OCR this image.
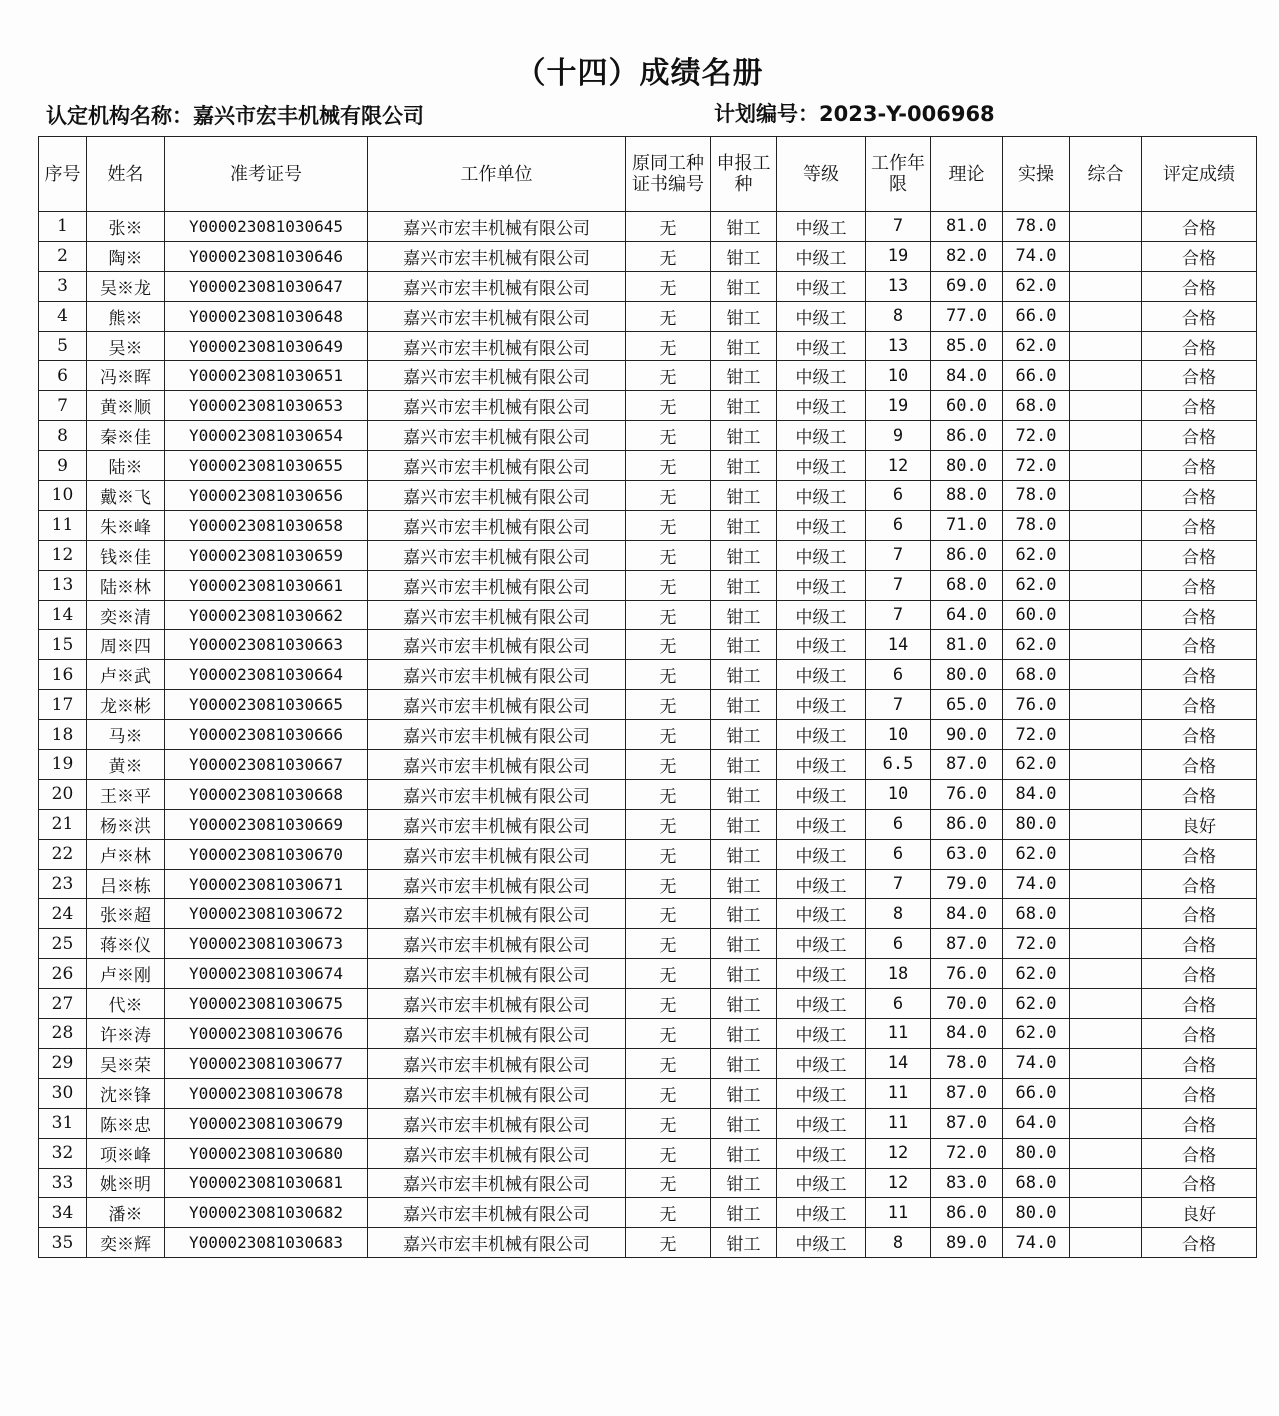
（十四）成绩名册
认定机构名称：嘉兴市宏丰机械有限公司	计划编号：2023-Y-006968
序号	姓名	准考证号	工作单位	原同工种证书编号	申报工种	等级	工作年限	理论	实操	综合	评定成绩
1	张※	Y000023081030645	嘉兴市宏丰机械有限公司	无	钳工	中级工	7	81.0	78.0		合格
2	陶※	Y000023081030646	嘉兴市宏丰机械有限公司	无	钳工	中级工	19	82.0	74.0		合格
3	吴※龙	Y000023081030647	嘉兴市宏丰机械有限公司	无	钳工	中级工	13	69.0	62.0		合格
4	熊※	Y000023081030648	嘉兴市宏丰机械有限公司	无	钳工	中级工	8	77.0	66.0		合格
5	吴※	Y000023081030649	嘉兴市宏丰机械有限公司	无	钳工	中级工	13	85.0	62.0		合格
6	冯※晖	Y000023081030651	嘉兴市宏丰机械有限公司	无	钳工	中级工	10	84.0	66.0		合格
7	黄※顺	Y000023081030653	嘉兴市宏丰机械有限公司	无	钳工	中级工	19	60.0	68.0		合格
8	秦※佳	Y000023081030654	嘉兴市宏丰机械有限公司	无	钳工	中级工	9	86.0	72.0		合格
9	陆※	Y000023081030655	嘉兴市宏丰机械有限公司	无	钳工	中级工	12	80.0	72.0		合格
10	戴※飞	Y000023081030656	嘉兴市宏丰机械有限公司	无	钳工	中级工	6	88.0	78.0		合格
11	朱※峰	Y000023081030658	嘉兴市宏丰机械有限公司	无	钳工	中级工	6	71.0	78.0		合格
12	钱※佳	Y000023081030659	嘉兴市宏丰机械有限公司	无	钳工	中级工	7	86.0	62.0		合格
13	陆※林	Y000023081030661	嘉兴市宏丰机械有限公司	无	钳工	中级工	7	68.0	62.0		合格
14	奕※清	Y000023081030662	嘉兴市宏丰机械有限公司	无	钳工	中级工	7	64.0	60.0		合格
15	周※四	Y000023081030663	嘉兴市宏丰机械有限公司	无	钳工	中级工	14	81.0	62.0		合格
16	卢※武	Y000023081030664	嘉兴市宏丰机械有限公司	无	钳工	中级工	6	80.0	68.0		合格
17	龙※彬	Y000023081030665	嘉兴市宏丰机械有限公司	无	钳工	中级工	7	65.0	76.0		合格
18	马※	Y000023081030666	嘉兴市宏丰机械有限公司	无	钳工	中级工	10	90.0	72.0		合格
19	黄※	Y000023081030667	嘉兴市宏丰机械有限公司	无	钳工	中级工	6.5	87.0	62.0		合格
20	王※平	Y000023081030668	嘉兴市宏丰机械有限公司	无	钳工	中级工	10	76.0	84.0		合格
21	杨※洪	Y000023081030669	嘉兴市宏丰机械有限公司	无	钳工	中级工	6	86.0	80.0		良好
22	卢※林	Y000023081030670	嘉兴市宏丰机械有限公司	无	钳工	中级工	6	63.0	62.0		合格
23	吕※栋	Y000023081030671	嘉兴市宏丰机械有限公司	无	钳工	中级工	7	79.0	74.0		合格
24	张※超	Y000023081030672	嘉兴市宏丰机械有限公司	无	钳工	中级工	8	84.0	68.0		合格
25	蒋※仪	Y000023081030673	嘉兴市宏丰机械有限公司	无	钳工	中级工	6	87.0	72.0		合格
26	卢※刚	Y000023081030674	嘉兴市宏丰机械有限公司	无	钳工	中级工	18	76.0	62.0		合格
27	代※	Y000023081030675	嘉兴市宏丰机械有限公司	无	钳工	中级工	6	70.0	62.0		合格
28	许※涛	Y000023081030676	嘉兴市宏丰机械有限公司	无	钳工	中级工	11	84.0	62.0		合格
29	吴※荣	Y000023081030677	嘉兴市宏丰机械有限公司	无	钳工	中级工	14	78.0	74.0		合格
30	沈※锋	Y000023081030678	嘉兴市宏丰机械有限公司	无	钳工	中级工	11	87.0	66.0		合格
31	陈※忠	Y000023081030679	嘉兴市宏丰机械有限公司	无	钳工	中级工	11	87.0	64.0		合格
32	项※峰	Y000023081030680	嘉兴市宏丰机械有限公司	无	钳工	中级工	12	72.0	80.0		合格
33	姚※明	Y000023081030681	嘉兴市宏丰机械有限公司	无	钳工	中级工	12	83.0	68.0		合格
34	潘※	Y000023081030682	嘉兴市宏丰机械有限公司	无	钳工	中级工	11	86.0	80.0		良好
35	奕※辉	Y000023081030683	嘉兴市宏丰机械有限公司	无	钳工	中级工	8	89.0	74.0		合格
